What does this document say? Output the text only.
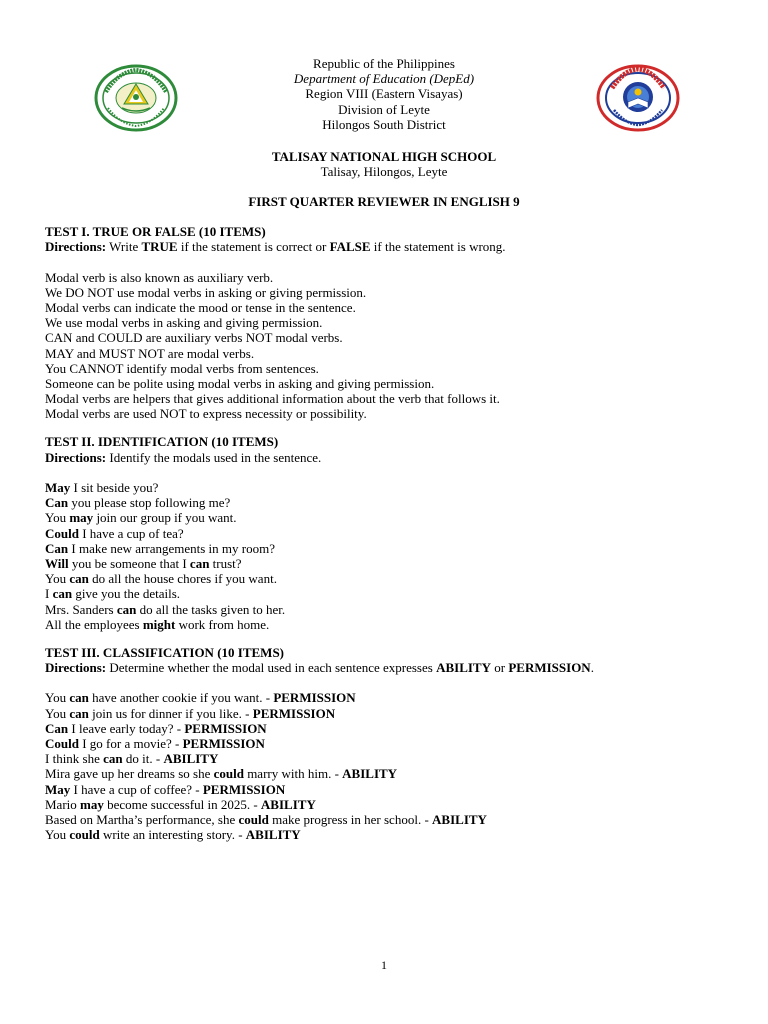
Republic of the Philippines
Department of Education (DepEd)
Region VIII (Eastern Visayas)
Division of Leyte
Hilongos South District
TALISAY NATIONAL HIGH SCHOOL
Talisay, Hilongos, Leyte
FIRST QUARTER REVIEWER IN ENGLISH 9
TEST I. TRUE OR FALSE (10 ITEMS)
Directions: Write TRUE if the statement is correct or FALSE if the statement is wrong.
Modal verb is also known as auxiliary verb.
We DO NOT use modal verbs in asking or giving permission.
Modal verbs can indicate the mood or tense in the sentence.
We use modal verbs in asking and giving permission.
CAN and COULD are auxiliary verbs NOT modal verbs.
MAY and MUST NOT are modal verbs.
You CANNOT identify modal verbs from sentences.
Someone can be polite using modal verbs in asking and giving permission.
Modal verbs are helpers that gives additional information about the verb that follows it.
Modal verbs are used NOT to express necessity or possibility.
TEST II. IDENTIFICATION (10 ITEMS)
Directions: Identify the modals used in the sentence.
May I sit beside you?
Can you please stop following me?
You may join our group if you want.
Could I have a cup of tea?
Can I make new arrangements in my room?
Will you be someone that I can trust?
You can do all the house chores if you want.
I can give you the details.
Mrs. Sanders can do all the tasks given to her.
All the employees might work from home.
TEST III. CLASSIFICATION (10 ITEMS)
Directions: Determine whether the modal used in each sentence expresses ABILITY or PERMISSION.
You can have another cookie if you want. - PERMISSION
You can join us for dinner if you like. - PERMISSION
Can I leave early today? - PERMISSION
Could I go for a movie? - PERMISSION
I think she can do it. - ABILITY
Mira gave up her dreams so she could marry with him. - ABILITY
May I have a cup of coffee? - PERMISSION
Mario may become successful in 2025. - ABILITY
Based on Martha’s performance, she could make progress in her school. - ABILITY
You could write an interesting story. - ABILITY
1
